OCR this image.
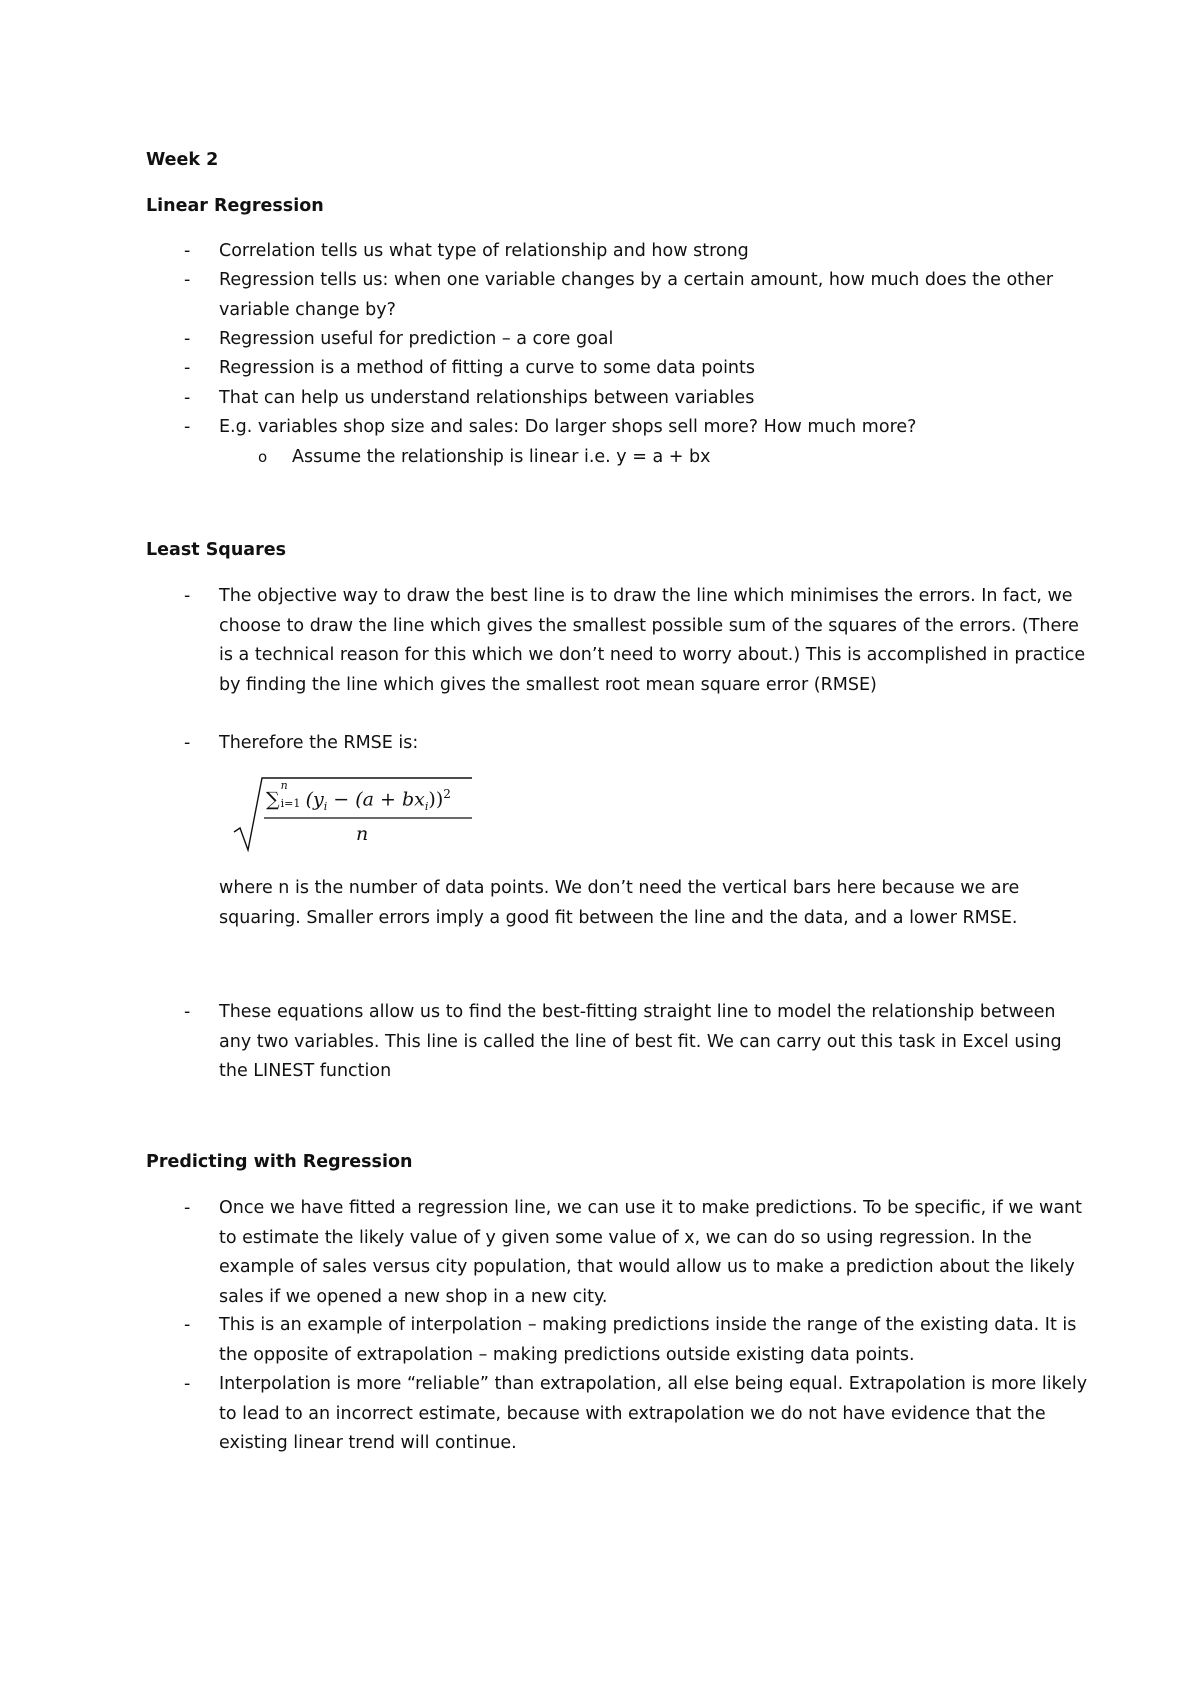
Week 2
Linear Regression
- Correlation tells us what type of relationship and how strong
- Regression tells us: when one variable changes by a certain amount, how much does the other variable change by?
- Regression useful for prediction – a core goal
- Regression is a method of fitting a curve to some data points
- That can help us understand relationships between variables
- E.g. variables shop size and sales: Do larger shops sell more? How much more?
o Assume the relationship is linear i.e. y = a + bx
Least Squares
- The objective way to draw the best line is to draw the line which minimises the errors. In fact, we choose to draw the line which gives the smallest possible sum of the squares of the errors. (There is a technical reason for this which we don’t need to worry about.) This is accomplished in practice by finding the line which gives the smallest root mean square error (RMSE)
- Therefore the RMSE is:
∑
n
i=1 $(y_i - (a + bx_i))^2$
n
where n is the number of data points. We don’t need the vertical bars here because we are squaring. Smaller errors imply a good fit between the line and the data, and a lower RMSE.
- These equations allow us to find the best-fitting straight line to model the relationship between any two variables. This line is called the line of best fit. We can carry out this task in Excel using the LINEST function
Predicting with Regression
- Once we have fitted a regression line, we can use it to make predictions. To be specific, if we want to estimate the likely value of y given some value of x, we can do so using regression. In the example of sales versus city population, that would allow us to make a prediction about the likely sales if we opened a new shop in a new city.
- This is an example of interpolation – making predictions inside the range of the existing data. It is the opposite of extrapolation – making predictions outside existing data points.
- Interpolation is more “reliable” than extrapolation, all else being equal. Extrapolation is more likely to lead to an incorrect estimate, because with extrapolation we do not have evidence that the existing linear trend will continue.
